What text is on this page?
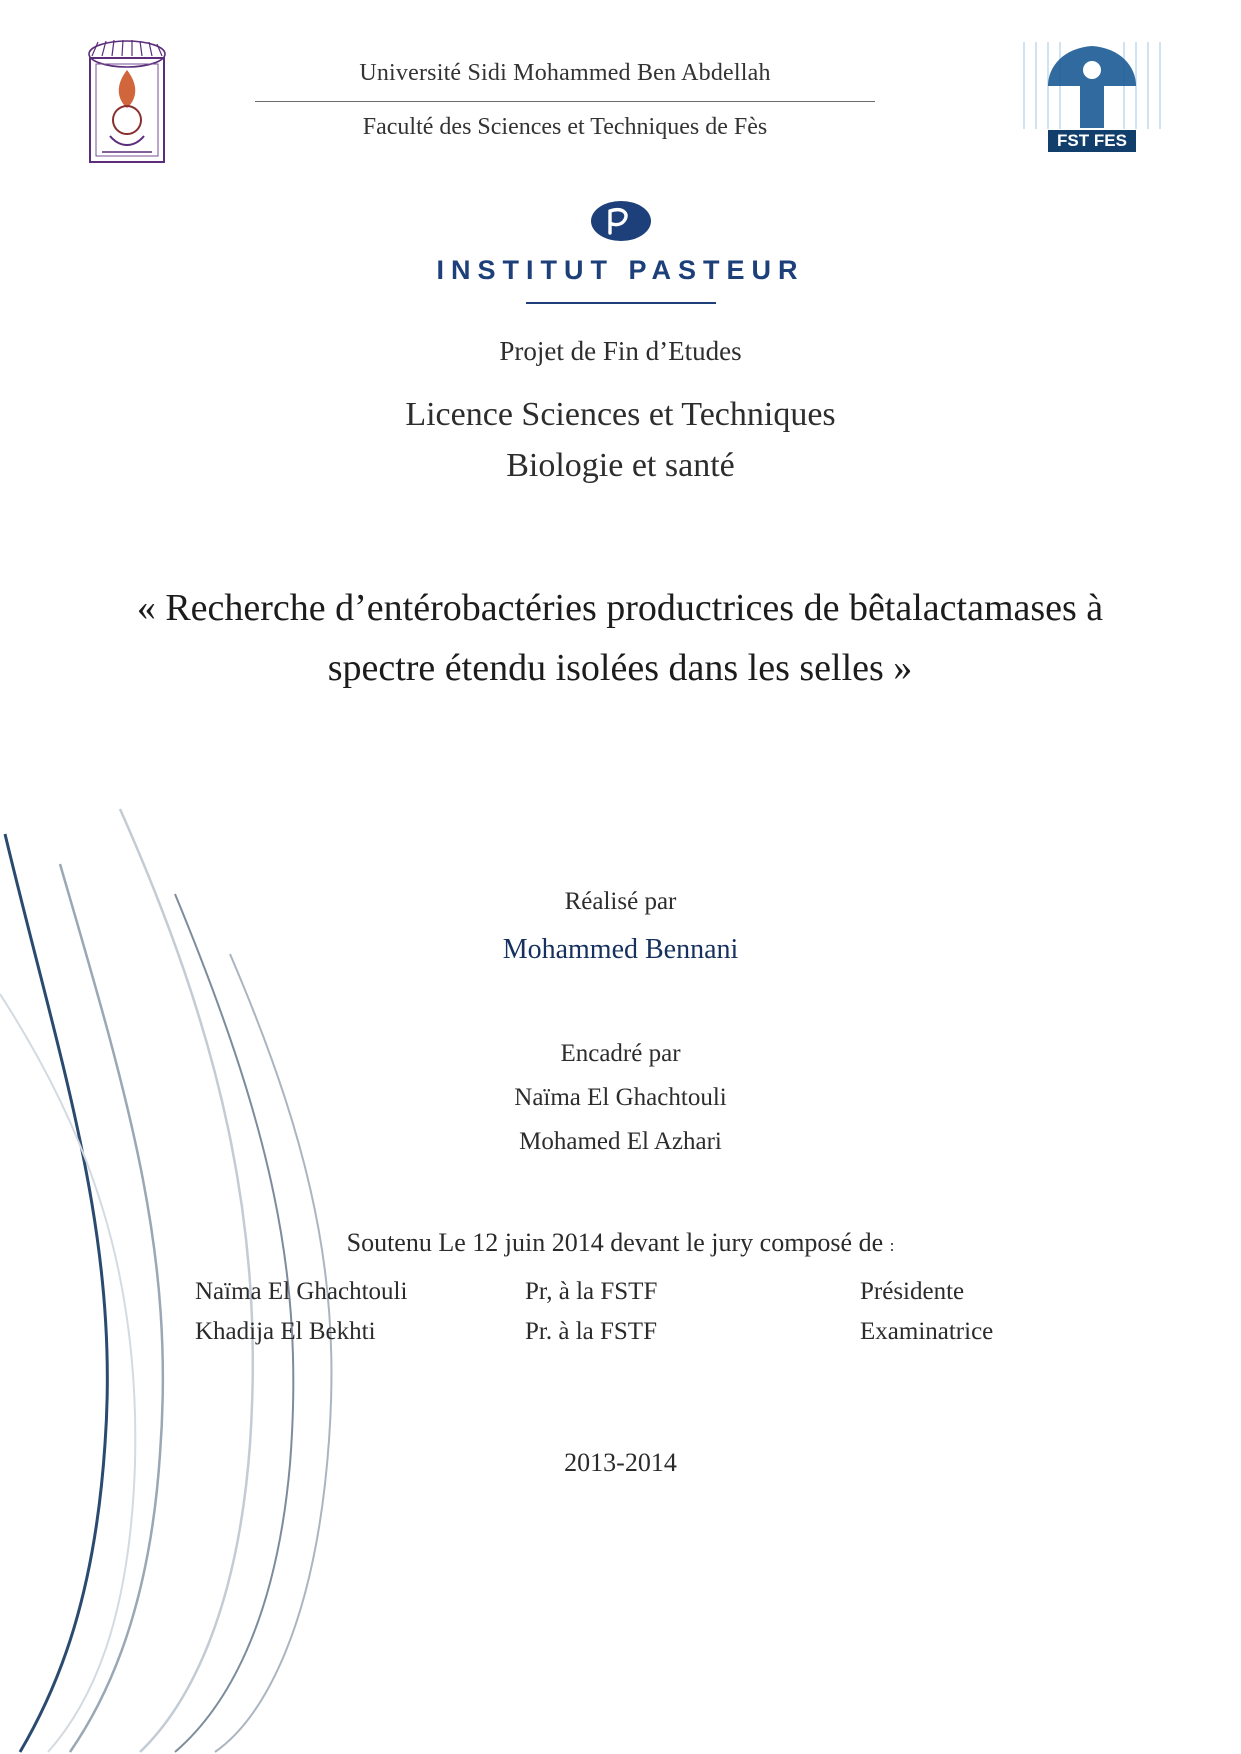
Université Sidi Mohammed Ben Abdellah
Faculté des Sciences et Techniques de Fès
FST FES
INSTITUT PASTEUR
Projet de Fin d’Etudes
Licence Sciences et Techniques
Biologie et santé
« Recherche d’entérobactéries productrices de bêtalactamases à spectre étendu isolées dans les selles »
Réalisé par
Mohammed Bennani
Encadré par
Naïma El Ghachtouli
Mohamed El Azhari
Soutenu Le 12 juin 2014 devant le jury composé de :
Naïma El Ghachtouli	Pr, à la FSTF	Présidente
Khadija El Bekhti	Pr. à la FSTF	Examinatrice
2013-2014
